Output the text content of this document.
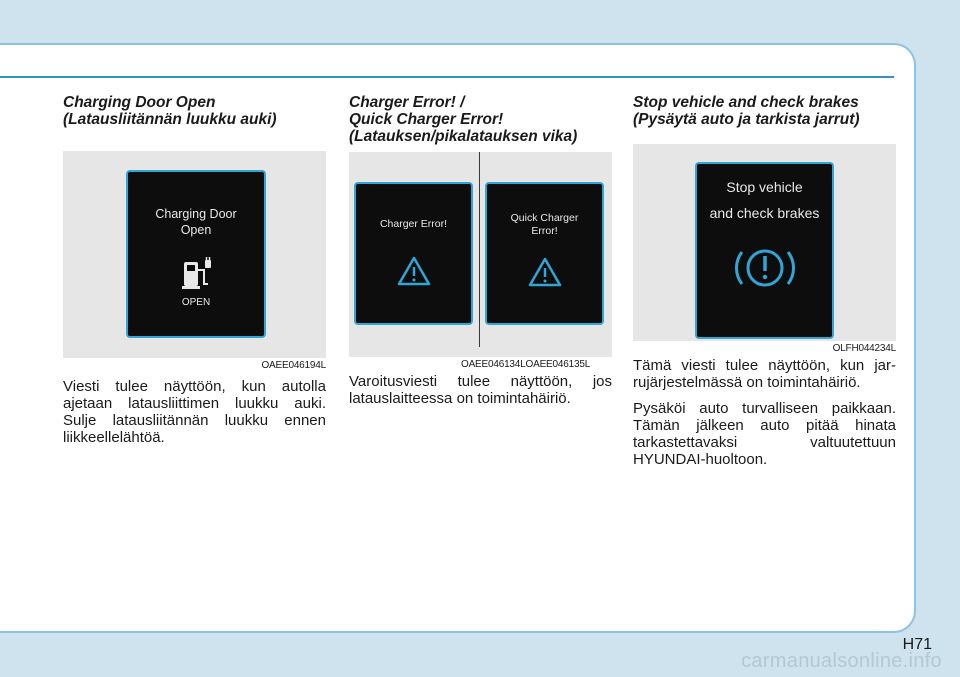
Charging Door Open
(Latausliitännän luukku auki)
Charging Door
Open
OPEN
OAEE046194L

Viesti tulee näyttöön, kun autolla ajetaan latausliittimen luukku auki. Sulje latausliitännän luukku ennen liikkeellelähtöä.

Charger Error! /
Quick Charger Error!
(Latauksen/pikalatauksen vika)
Charger Error!	Quick Charger
Error!
OAEE046134LOAEE046135L

Varoitusviesti tulee näyttöön, jos latauslaitteessa on toimintahäiriö.

Stop vehicle and check brakes
(Pysäytä auto ja tarkista jarrut)
Stop vehicle
and check brakes
OLFH044234L

Tämä viesti tulee näyttöön, kun jarrujärjestelmässä on toimintahäiriö.

Pysäköi auto turvalliseen paikkaan. Tämän jälkeen auto pitää hinata tarkastettavaksi valtuutettuun HYUNDAI-huoltoon.

H71
carmanualsonline.info
